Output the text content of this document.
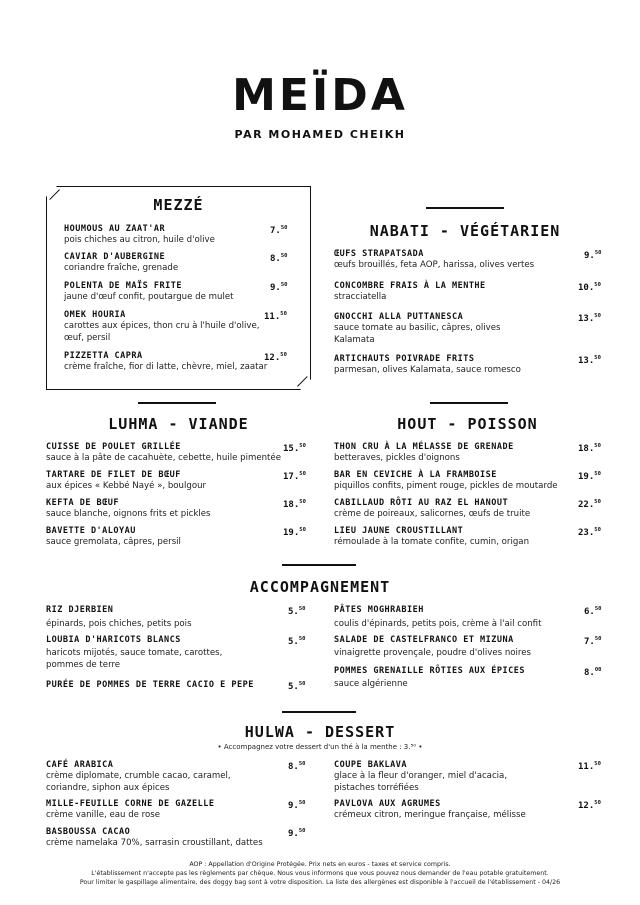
MEÏDA
PAR MOHAMED CHEIKH
MEZZÉ
HOUMOUS AU ZAAT'AR
pois chiches au citron, huile d'olive
7.50
CAVIAR D'AUBERGINE
coriandre fraîche, grenade
8.50
POLENTA DE MAÏS FRITE
jaune d'œuf confit, poutargue de mulet
9.50
OMEK HOURIA
carottes aux épices, thon cru à l'huile d'olive, œuf, persil
11.50
PIZZETTA CAPRA
crème fraîche, fior di latte, chèvre, miel, zaatar
12.50
NABATI - VÉGÉTARIEN
ŒUFS STRAPATSADA
œufs brouillés, feta AOP, harissa, olives vertes
9.50
CONCOMBRE FRAIS À LA MENTHE
stracciatella
10.50
GNOCCHI ALLA PUTTANESCA
sauce tomate au basilic, câpres, olives Kalamata
13.50
ARTICHAUTS POIVRADE FRITS
parmesan, olives Kalamata, sauce romesco
13.50
LUHMA - VIANDE
CUISSE DE POULET GRILLÉE
sauce à la pâte de cacahuète, cebette, huile pimentée
15.50
TARTARE DE FILET DE BŒUF
aux épices « Kebbé Nayé », boulgour
17.50
KEFTA DE BŒUF
sauce blanche, oignons frits et pickles
18.50
BAVETTE D'ALOYAU
sauce gremolata, câpres, persil
19.50
HOUT - POISSON
THON CRU À LA MÉLASSE DE GRENADE
betteraves, pickles d'oignons
18.50
BAR EN CEVICHE À LA FRAMBOISE
piquillos confits, piment rouge, pickles de moutarde
19.50
CABILLAUD RÔTI AU RAZ EL HANOUT
crème de poireaux, salicornes, œufs de truite
22.50
LIEU JAUNE CROUSTILLANT
rémoulade à la tomate confite, cumin, origan
23.50
ACCOMPAGNEMENT
RIZ DJERBIEN
épinards, pois chiches, petits pois
5.50
LOUBIA D'HARICOTS BLANCS
haricots mijotés, sauce tomate, carottes, pommes de terre
5.50
PURÉE DE POMMES DE TERRE CACIO E PEPE	5.50
PÂTES MOGHRABIEH
coulis d'épinards, petits pois, crème à l'ail confit
6.50
SALADE DE CASTELFRANCO ET MIZUNA
vinaigrette provençale, poudre d'olives noires
7.50
POMMES GRENAILLE RÔTIES AUX ÉPICES
sauce algérienne
8.00
HULWA - DESSERT
• Accompagnez votre dessert d'un thé à la menthe : 3.⁵⁰ •
CAFÉ ARABICA
crème diplomate, crumble cacao, caramel, coriandre, siphon aux épices
8.50
MILLE-FEUILLE CORNE DE GAZELLE
crème vanille, eau de rose
9.50
BASBOUSSA CACAO
crème namelaka 70%, sarrasin croustillant, dattes
9.50
COUPE BAKLAVA
glace à la fleur d'oranger, miel d'acacia, pistaches torréfiées
11.50
PAVLOVA AUX AGRUMES
crémeux citron, meringue française, mélisse
12.50
AOP : Appellation d'Origine Protégée. Prix nets en euros - taxes et service compris.
L'établissement n'accepte pas les règlements par chèque. Nous vous informons que vous pouvez nous demander de l'eau potable gratuitement.
Pour limiter le gaspillage alimentaire, des doggy bag sont à votre disposition. La liste des allergènes est disponible à l'accueil de l'établissement - 04/26
